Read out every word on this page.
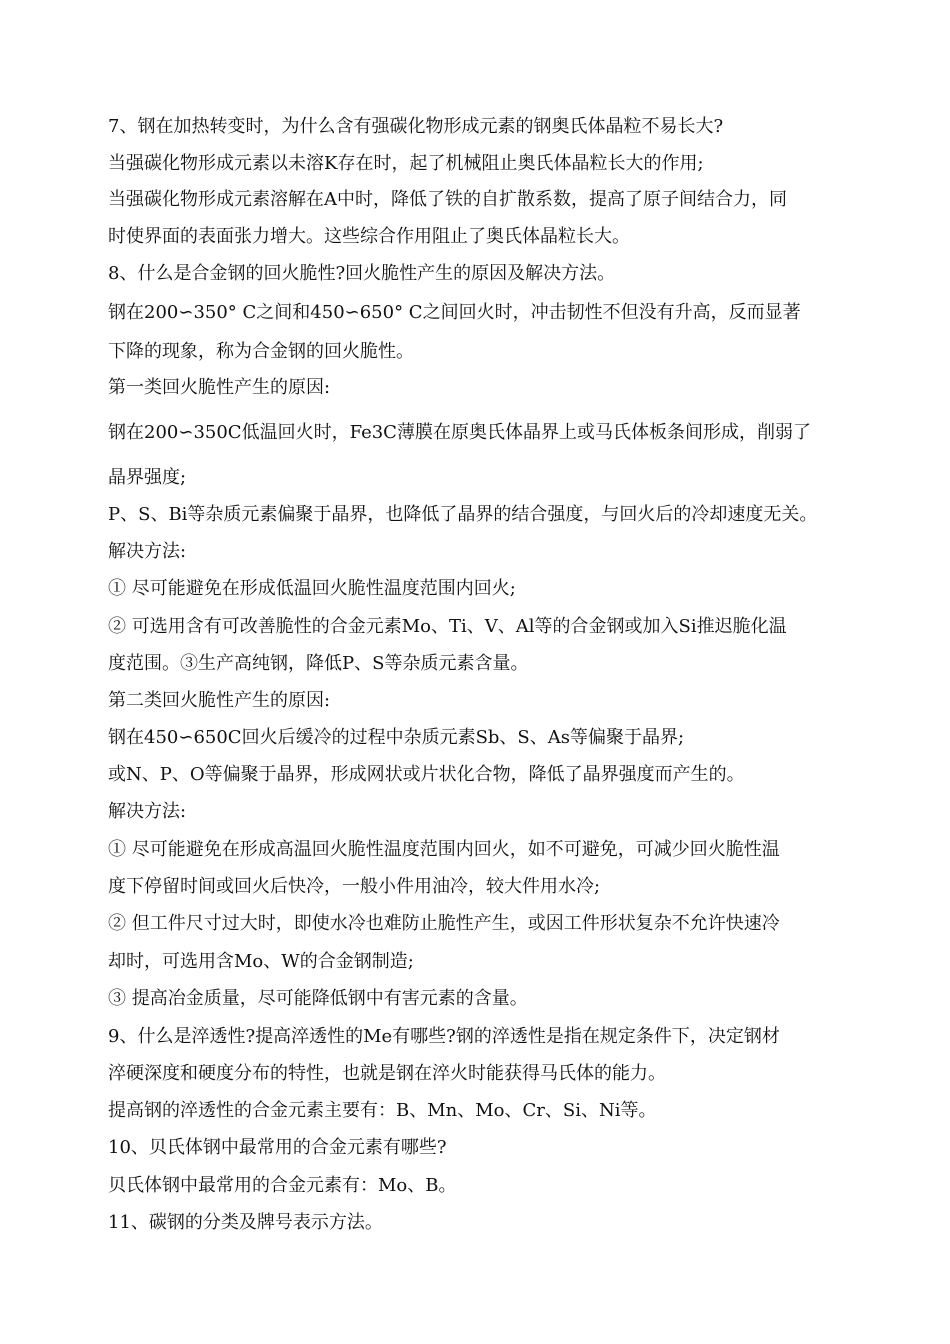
7、钢在加热转变时，为什么含有强碳化物形成元素的钢奥氏体晶粒不易长大?
当强碳化物形成元素以未溶K存在时，起了机械阻止奥氏体晶粒长大的作用;
当强碳化物形成元素溶解在A中时，降低了铁的自扩散系数，提高了原子间结合力，同
时使界面的表面张力增大。这些综合作用阻止了奥氏体晶粒长大。
8、什么是合金钢的回火脆性?回火脆性产生的原因及解决方法。
钢在200∽350° C之间和450∽650° C之间回火时，冲击韧性不但没有升高，反而显著
下降的现象，称为合金钢的回火脆性。
第一类回火脆性产生的原因:
钢在200∽350C低温回火时，Fe3C薄膜在原奥氏体晶界上或马氏体板条间形成，削弱了
晶界强度;
P、S、Bi等杂质元素偏聚于晶界，也降低了晶界的结合强度，与回火后的冷却速度无关。
解决方法:
① 尽可能避免在形成低温回火脆性温度范围内回火;
② 可选用含有可改善脆性的合金元素Mo、Ti、V、Al等的合金钢或加入Si推迟脆化温
度范围。③生产高纯钢，降低P、S等杂质元素含量。
第二类回火脆性产生的原因:
钢在450∽650C回火后缓冷的过程中杂质元素Sb、S、As等偏聚于晶界;
或N、P、O等偏聚于晶界，形成网状或片状化合物，降低了晶界强度而产生的。
解决方法:
① 尽可能避免在形成高温回火脆性温度范围内回火，如不可避免，可减少回火脆性温
度下停留时间或回火后快冷，一般小件用油冷，较大件用水冷;
② 但工件尺寸过大时，即使水冷也难防止脆性产生，或因工件形状复杂不允许快速冷
却时，可选用含Mo、W的合金钢制造;
③ 提高冶金质量，尽可能降低钢中有害元素的含量。
9、什么是淬透性?提高淬透性的Me有哪些?钢的淬透性是指在规定条件下，决定钢材
淬硬深度和硬度分布的特性，也就是钢在淬火时能获得马氏体的能力。
提高钢的淬透性的合金元素主要有：B、Mn、Mo、Cr、Si、Ni等。
10、贝氏体钢中最常用的合金元素有哪些?
贝氏体钢中最常用的合金元素有：Mo、B。
11、碳钢的分类及牌号表示方法。
